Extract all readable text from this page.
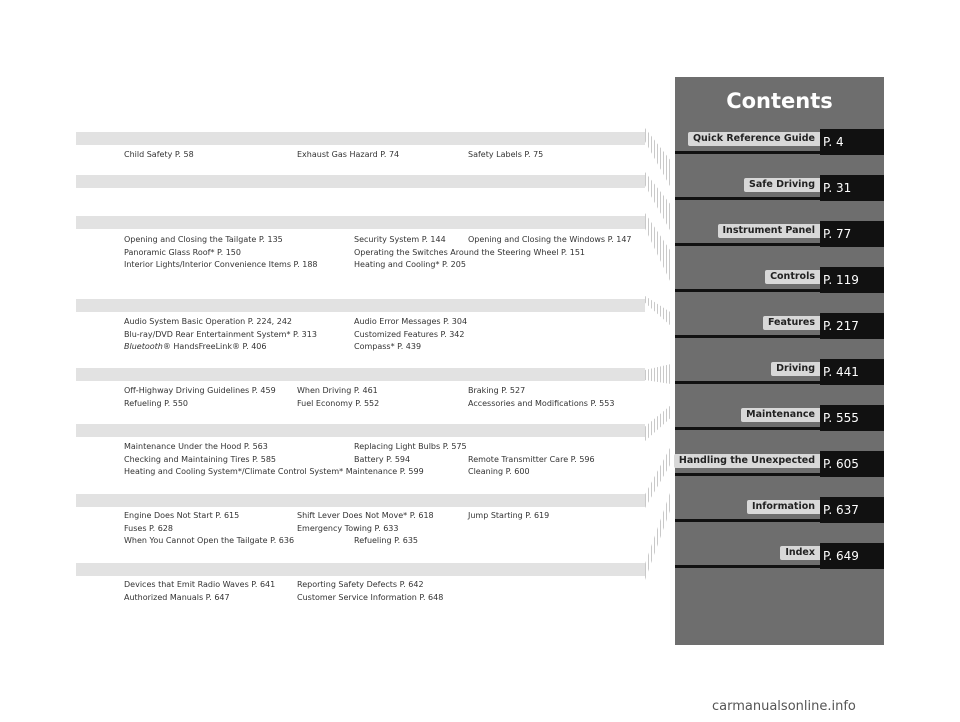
Child Safety P. 58	Exhaust Gas Hazard P. 74	Safety Labels P. 75
Opening and Closing the Tailgate P. 135	Security System P. 144	Opening and Closing the Windows P. 147
Panoramic Glass Roof* P. 150	Operating the Switches Around the Steering Wheel P. 151
Interior Lights/Interior Convenience Items P. 188	Heating and Cooling* P. 205
Audio System Basic Operation P. 224, 242	Audio Error Messages P. 304
Blu-ray/DVD Rear Entertainment System* P. 313	Customized Features P. 342
Bluetooth® HandsFreeLink® P. 406	Compass* P. 439
Off-Highway Driving Guidelines P. 459	When Driving P. 461	Braking P. 527
Refueling P. 550	Fuel Economy P. 552	Accessories and Modifications P. 553
Maintenance Under the Hood P. 563	Replacing Light Bulbs P. 575
Checking and Maintaining Tires P. 585	Battery P. 594	Remote Transmitter Care P. 596
Heating and Cooling System*/Climate Control System* Maintenance P. 599	Cleaning P. 600
Engine Does Not Start P. 615	Shift Lever Does Not Move* P. 618	Jump Starting P. 619
Fuses P. 628	Emergency Towing P. 633
When You Cannot Open the Tailgate P. 636	Refueling P. 635
Devices that Emit Radio Waves P. 641	Reporting Safety Defects P. 642
Authorized Manuals P. 647	Customer Service Information P. 648
Contents
Quick Reference Guide P. 4
Safe Driving P. 31
Instrument Panel P. 77
Controls P. 119
Features P. 217
Driving P. 441
Maintenance P. 555
Handling the Unexpected P. 605
Information P. 637
Index P. 649
carmanualsonline.info
